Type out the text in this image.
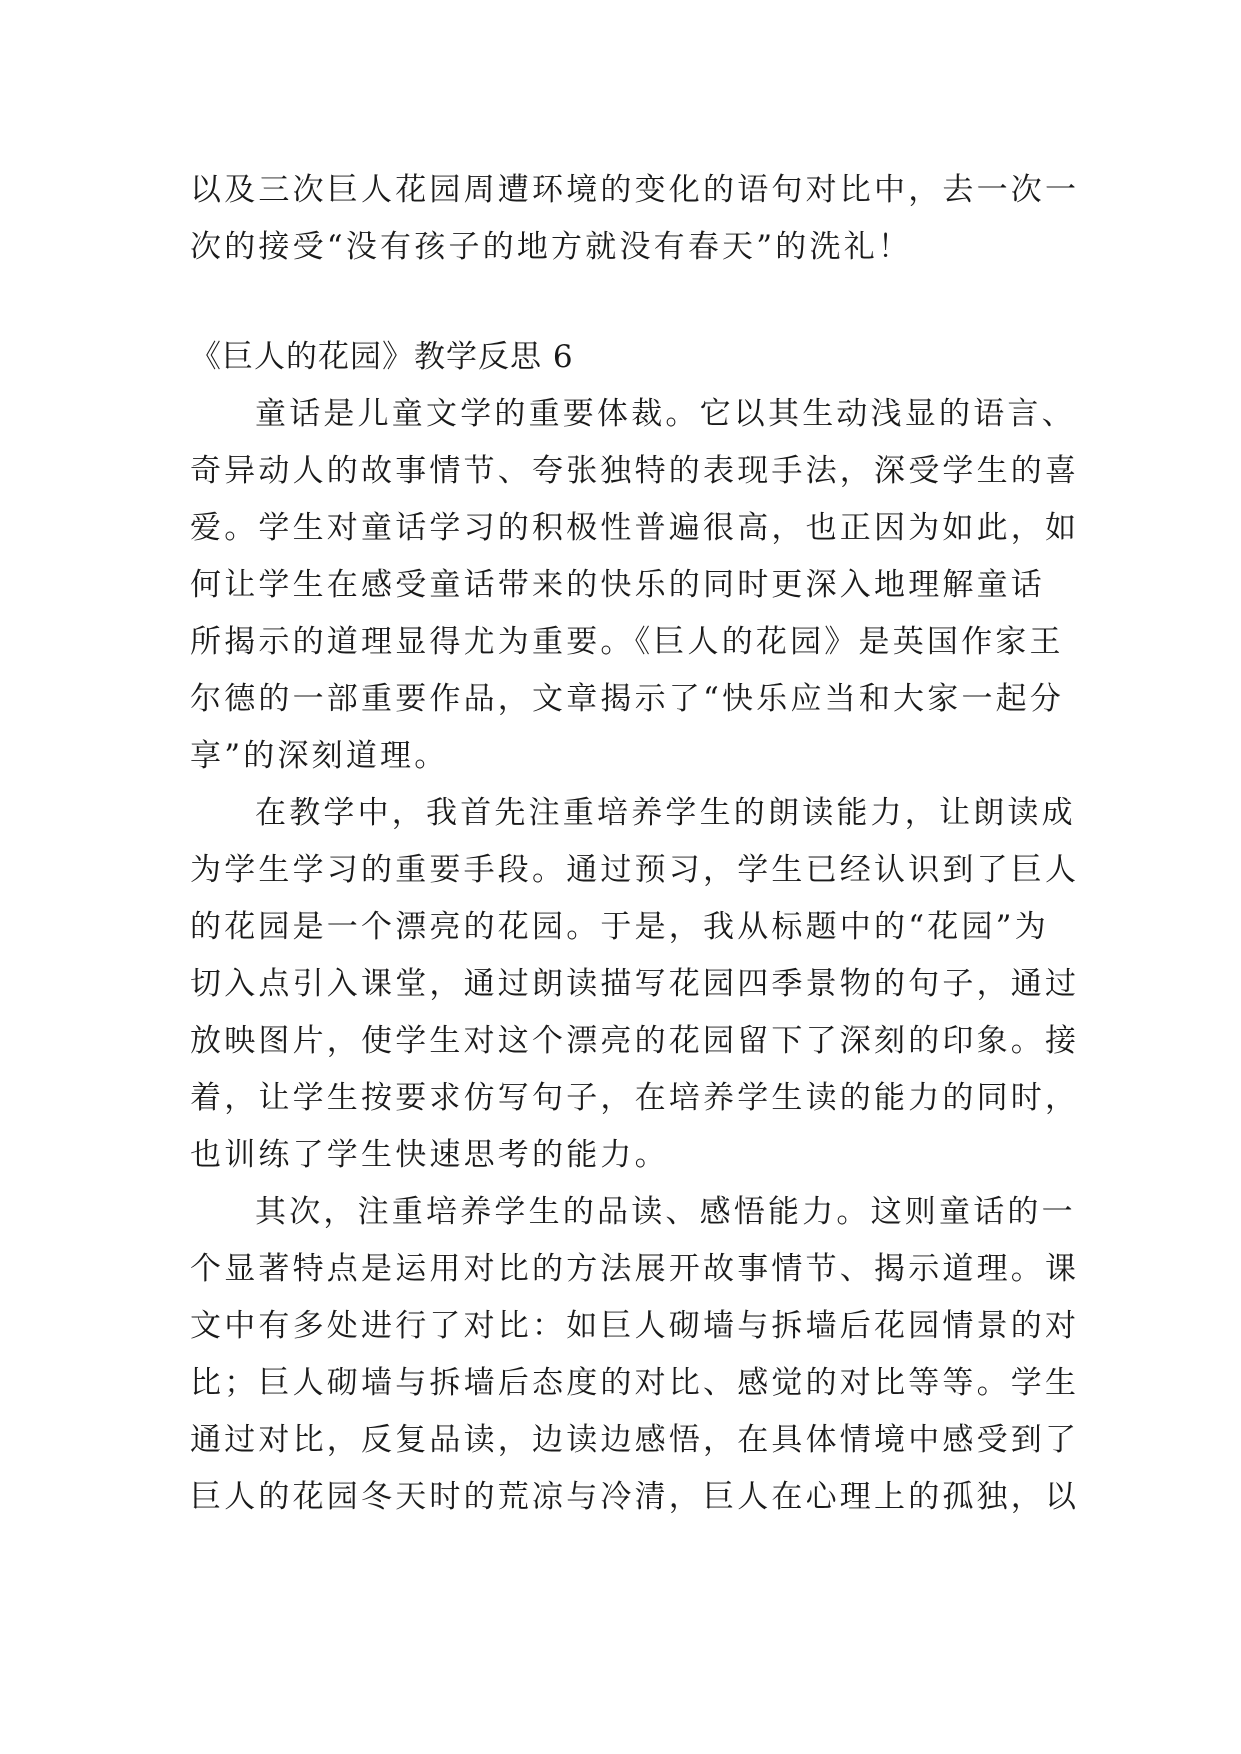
以及三次巨人花园周遭环境的变化的语句对比中，去一次一
次的接受“没有孩子的地方就没有春天”的洗礼！
《巨人的花园》教学反思 6
童话是儿童文学的重要体裁。它以其生动浅显的语言、
奇异动人的故事情节、夸张独特的表现手法，深受学生的喜
爱。学生对童话学习的积极性普遍很高，也正因为如此，如
何让学生在感受童话带来的快乐的同时更深入地理解童话
所揭示的道理显得尤为重要。《巨人的花园》是英国作家王
尔德的一部重要作品，文章揭示了“快乐应当和大家一起分
享”的深刻道理。
在教学中，我首先注重培养学生的朗读能力，让朗读成
为学生学习的重要手段。通过预习，学生已经认识到了巨人
的花园是一个漂亮的花园。于是，我从标题中的“花园”为
切入点引入课堂，通过朗读描写花园四季景物的句子，通过
放映图片，使学生对这个漂亮的花园留下了深刻的印象。接
着，让学生按要求仿写句子，在培养学生读的能力的同时，
也训练了学生快速思考的能力。
其次，注重培养学生的品读、感悟能力。这则童话的一
个显著特点是运用对比的方法展开故事情节、揭示道理。课
文中有多处进行了对比：如巨人砌墙与拆墙后花园情景的对
比；巨人砌墙与拆墙后态度的对比、感觉的对比等等。学生
通过对比，反复品读，边读边感悟，在具体情境中感受到了
巨人的花园冬天时的荒凉与冷清，巨人在心理上的孤独，以
